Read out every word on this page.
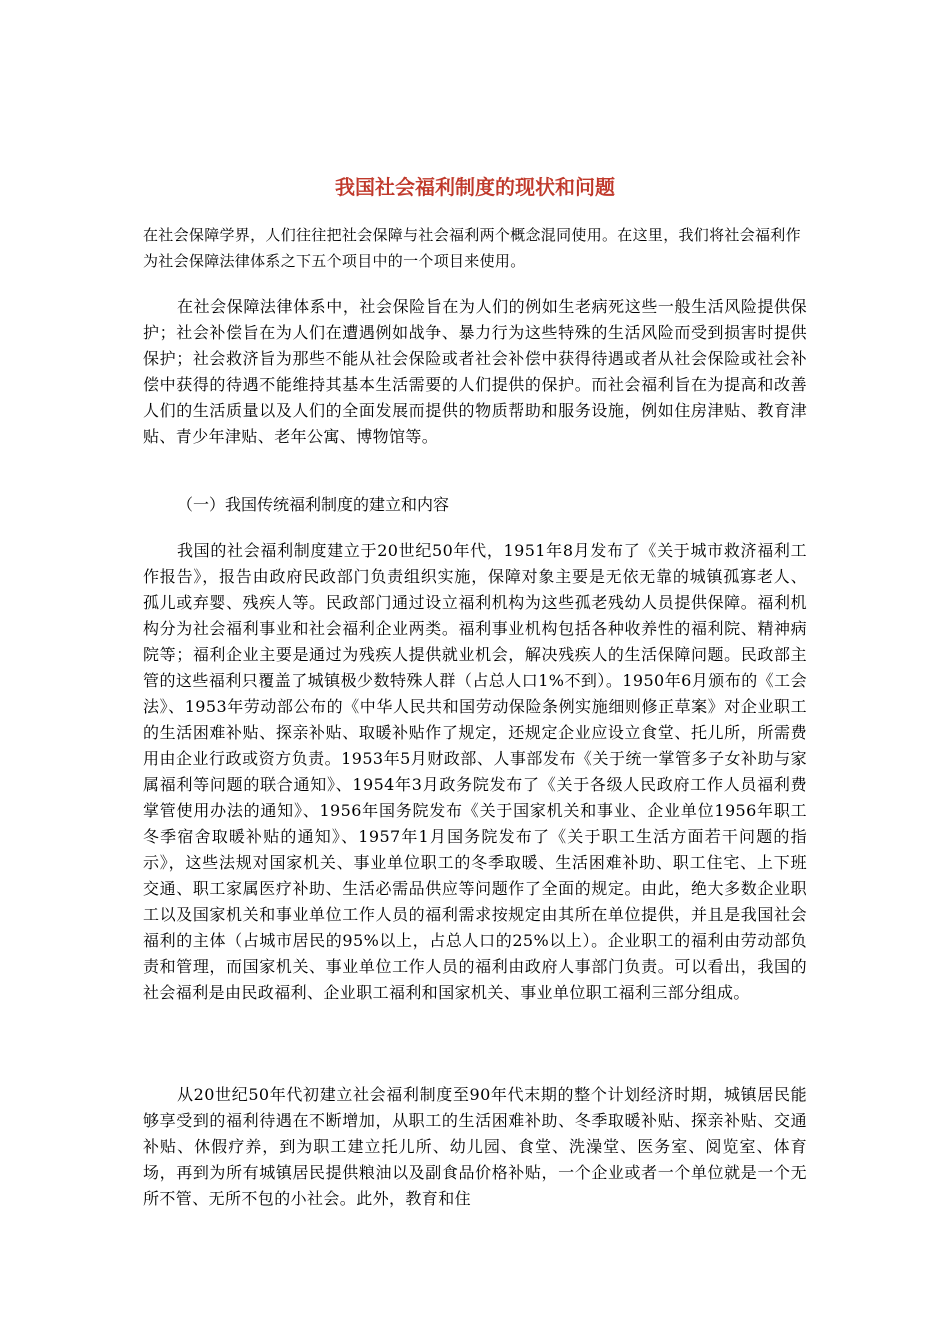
我国社会福利制度的现状和问题
在社会保障学界，人们往往把社会保障与社会福利两个概念混同使用。在这里，我们将社会福利作为社会保障法律体系之下五个项目中的一个项目来使用。
在社会保障法律体系中，社会保险旨在为人们的例如生老病死这些一般生活风险提供保护；社会补偿旨在为人们在遭遇例如战争、暴力行为这些特殊的生活风险而受到损害时提供保护；社会救济旨为那些不能从社会保险或者社会补偿中获得待遇或者从社会保险或社会补偿中获得的待遇不能维持其基本生活需要的人们提供的保护。而社会福利旨在为提高和改善人们的生活质量以及人们的全面发展而提供的物质帮助和服务设施，例如住房津贴、教育津贴、青少年津贴、老年公寓、博物馆等。
（一）我国传统福利制度的建立和内容
我国的社会福利制度建立于20世纪50年代，1951年8月发布了《关于城市救济福利工作报告》，报告由政府民政部门负责组织实施，保障对象主要是无依无靠的城镇孤寡老人、孤儿或弃婴、残疾人等。民政部门通过设立福利机构为这些孤老残幼人员提供保障。福利机构分为社会福利事业和社会福利企业两类。福利事业机构包括各种收养性的福利院、精神病院等；福利企业主要是通过为残疾人提供就业机会，解决残疾人的生活保障问题。民政部主管的这些福利只覆盖了城镇极少数特殊人群（占总人口1%不到）。1950年6月颁布的《工会法》、1953年劳动部公布的《中华人民共和国劳动保险条例实施细则修正草案》对企业职工的生活困难补贴、探亲补贴、取暖补贴作了规定，还规定企业应设立食堂、托儿所，所需费用由企业行政或资方负责。1953年5月财政部、人事部发布《关于统一掌管多子女补助与家属福利等问题的联合通知》、1954年3月政务院发布了《关于各级人民政府工作人员福利费掌管使用办法的通知》、1956年国务院发布《关于国家机关和事业、企业单位1956年职工冬季宿舍取暖补贴的通知》、1957年1月国务院发布了《关于职工生活方面若干问题的指示》，这些法规对国家机关、事业单位职工的冬季取暖、生活困难补助、职工住宅、上下班交通、职工家属医疗补助、生活必需品供应等问题作了全面的规定。由此，绝大多数企业职工以及国家机关和事业单位工作人员的福利需求按规定由其所在单位提供，并且是我国社会福利的主体（占城市居民的95%以上，占总人口的25%以上）。企业职工的福利由劳动部负责和管理，而国家机关、事业单位工作人员的福利由政府人事部门负责。可以看出，我国的社会福利是由民政福利、企业职工福利和国家机关、事业单位职工福利三部分组成。
从20世纪50年代初建立社会福利制度至90年代末期的整个计划经济时期，城镇居民能够享受到的福利待遇在不断增加，从职工的生活困难补助、冬季取暖补贴、探亲补贴、交通补贴、休假疗养，到为职工建立托儿所、幼儿园、食堂、洗澡堂、医务室、阅览室、体育场，再到为所有城镇居民提供粮油以及副食品价格补贴，一个企业或者一个单位就是一个无所不管、无所不包的小社会。此外，教育和住
